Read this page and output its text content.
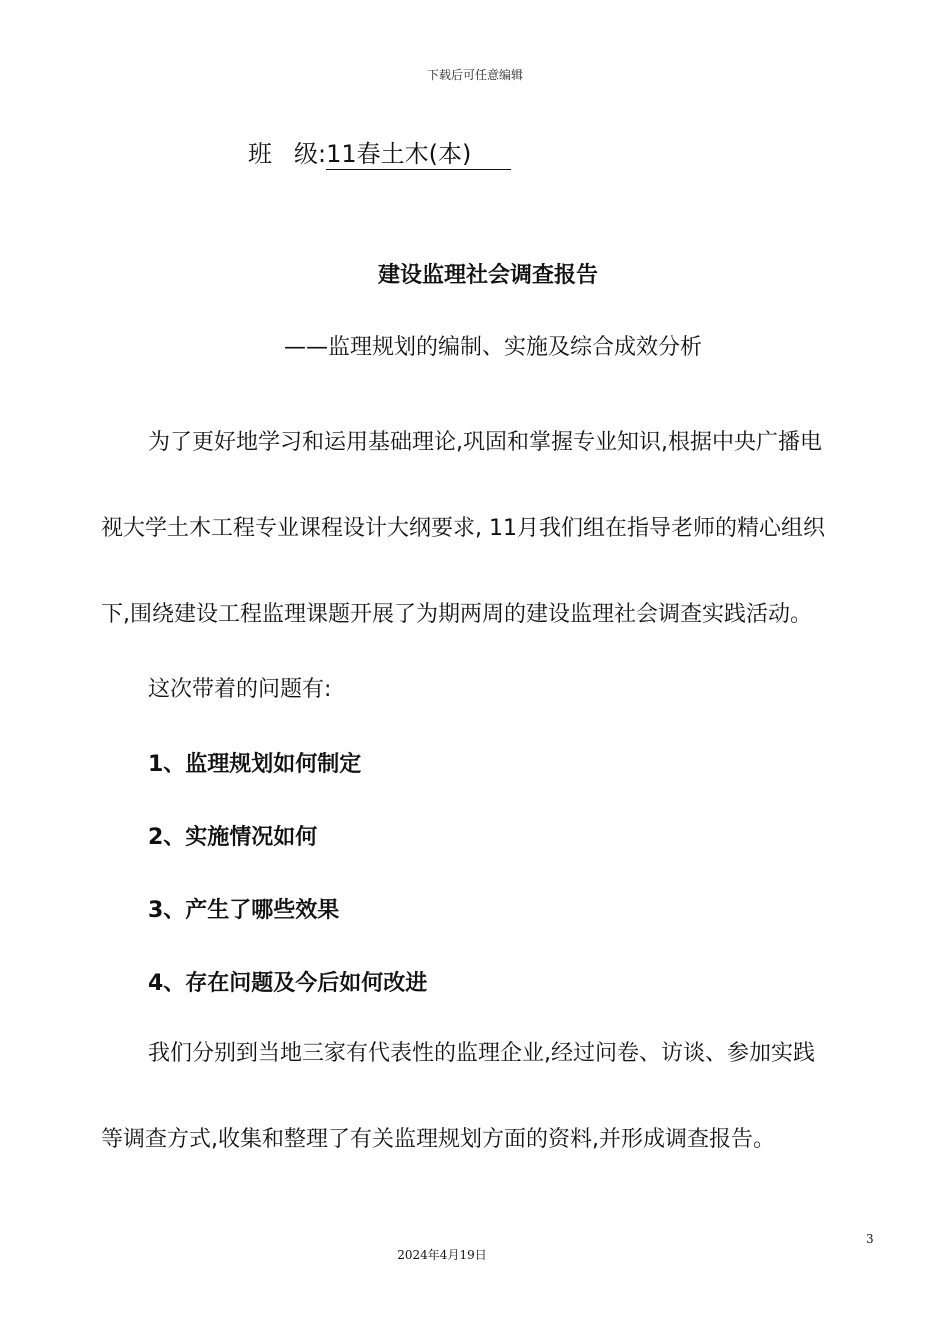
下载后可任意编辑
班 级:11春土木(本)
建设监理社会调查报告
——监理规划的编制、实施及综合成效分析
为了更好地学习和运用基础理论,巩固和掌握专业知识,根据中央广播电
视大学土木工程专业课程设计大纲要求, 11月我们组在指导老师的精心组织
下,围绕建设工程监理课题开展了为期两周的建设监理社会调查实践活动。
这次带着的问题有:
1、监理规划如何制定
2、实施情况如何
3、产生了哪些效果
4、存在问题及今后如何改进
我们分别到当地三家有代表性的监理企业,经过问卷、访谈、参加实践
等调查方式,收集和整理了有关监理规划方面的资料,并形成调查报告。
3
2024年4月19日
